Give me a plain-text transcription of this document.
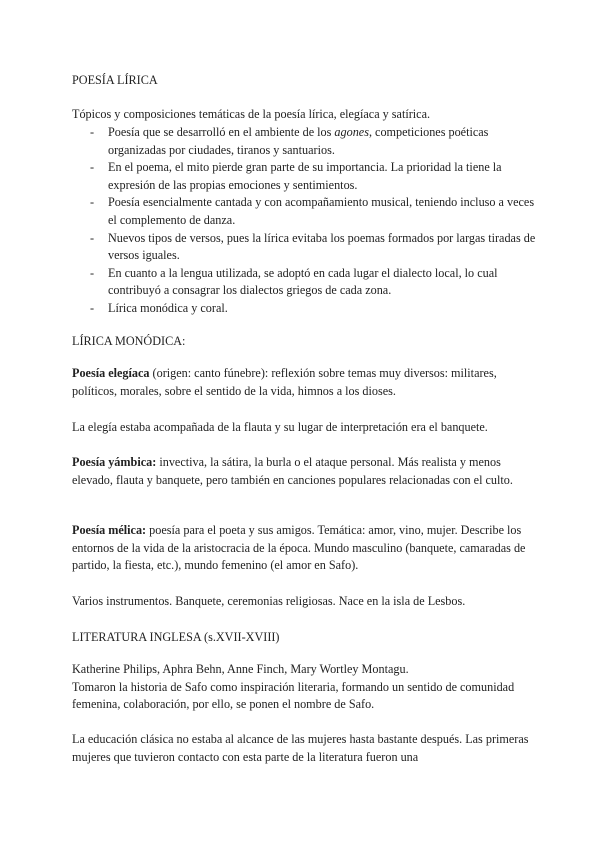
POESÍA LÍRICA
Tópicos y composiciones temáticas de la poesía lírica, elegíaca y satírica.
- Poesía que se desarrolló en el ambiente de los agones, competiciones poéticas organizadas por ciudades, tiranos y santuarios.
- En el poema, el mito pierde gran parte de su importancia. La prioridad la tiene la expresión de las propias emociones y sentimientos.
- Poesía esencialmente cantada y con acompañamiento musical, teniendo incluso a veces el complemento de danza.
- Nuevos tipos de versos, pues la lírica evitaba los poemas formados por largas tiradas de versos iguales.
- En cuanto a la lengua utilizada, se adoptó en cada lugar el dialecto local, lo cual contribuyó a consagrar los dialectos griegos de cada zona.
- Lírica monódica y coral.
LÍRICA MONÓDICA:
Poesía elegíaca (origen: canto fúnebre): reflexión sobre temas muy diversos: militares, políticos, morales, sobre el sentido de la vida, himnos a los dioses.
La elegía estaba acompañada de la flauta y su lugar de interpretación era el banquete.
Poesía yámbica: invectiva, la sátira, la burla o el ataque personal. Más realista y menos elevado, flauta y banquete, pero también en canciones populares relacionadas con el culto.
Poesía mélica: poesía para el poeta y sus amigos. Temática: amor, vino, mujer. Describe los entornos de la vida de la aristocracia de la época. Mundo masculino (banquete, camaradas de partido, la fiesta, etc.), mundo femenino (el amor en Safo).
Varios instrumentos. Banquete, ceremonias religiosas. Nace en la isla de Lesbos.
LITERATURA INGLESA (s.XVII-XVIII)
Katherine Philips, Aphra Behn, Anne Finch, Mary Wortley Montagu.
Tomaron la historia de Safo como inspiración literaria, formando un sentido de comunidad femenina, colaboración, por ello, se ponen el nombre de Safo.
La educación clásica no estaba al alcance de las mujeres hasta bastante después. Las primeras mujeres que tuvieron contacto con esta parte de la literatura fueron una
